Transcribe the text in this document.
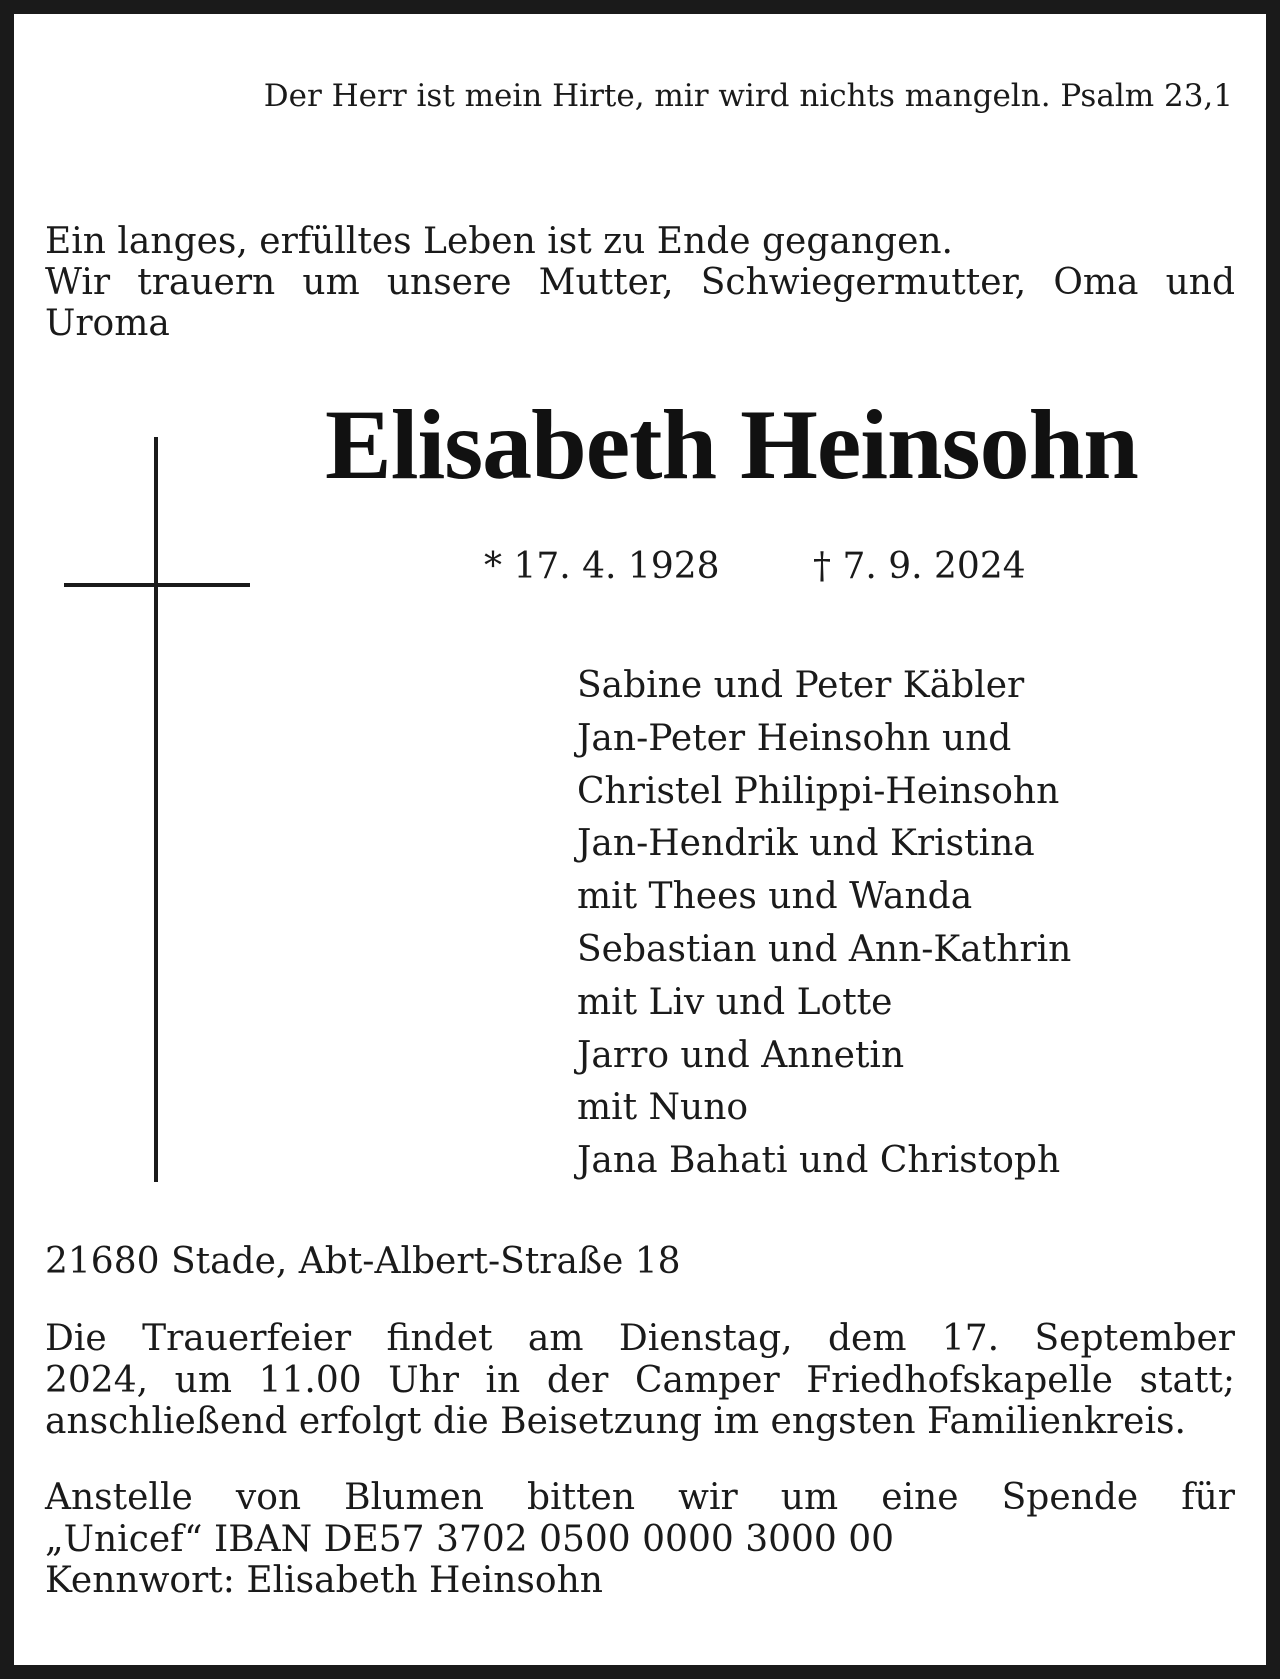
Der Herr ist mein Hirte, mir wird nichts mangeln. Psalm 23,1
Ein langes, erfülltes Leben ist zu Ende gegangen.
Wir trauern um unsere Mutter, Schwiegermutter, Oma und
Uroma
Elisabeth Heinsohn
* 17. 4. 1928	† 7. 9. 2024
Sabine und Peter Käbler
Jan-Peter Heinsohn und
Christel Philippi-Heinsohn
Jan-Hendrik und Kristina
mit Thees und Wanda
Sebastian und Ann-Kathrin
mit Liv und Lotte
Jarro und Annetin
mit Nuno
Jana Bahati und Christoph
21680 Stade, Abt-Albert-Straße 18
Die Trauerfeier findet am Dienstag, dem 17. September
2024, um 11.00 Uhr in der Camper Friedhofskapelle statt;
anschließend erfolgt die Beisetzung im engsten Familienkreis.
Anstelle von Blumen bitten wir um eine Spende für
„Unicef“ IBAN DE57 3702 0500 0000 3000 00
Kennwort: Elisabeth Heinsohn
